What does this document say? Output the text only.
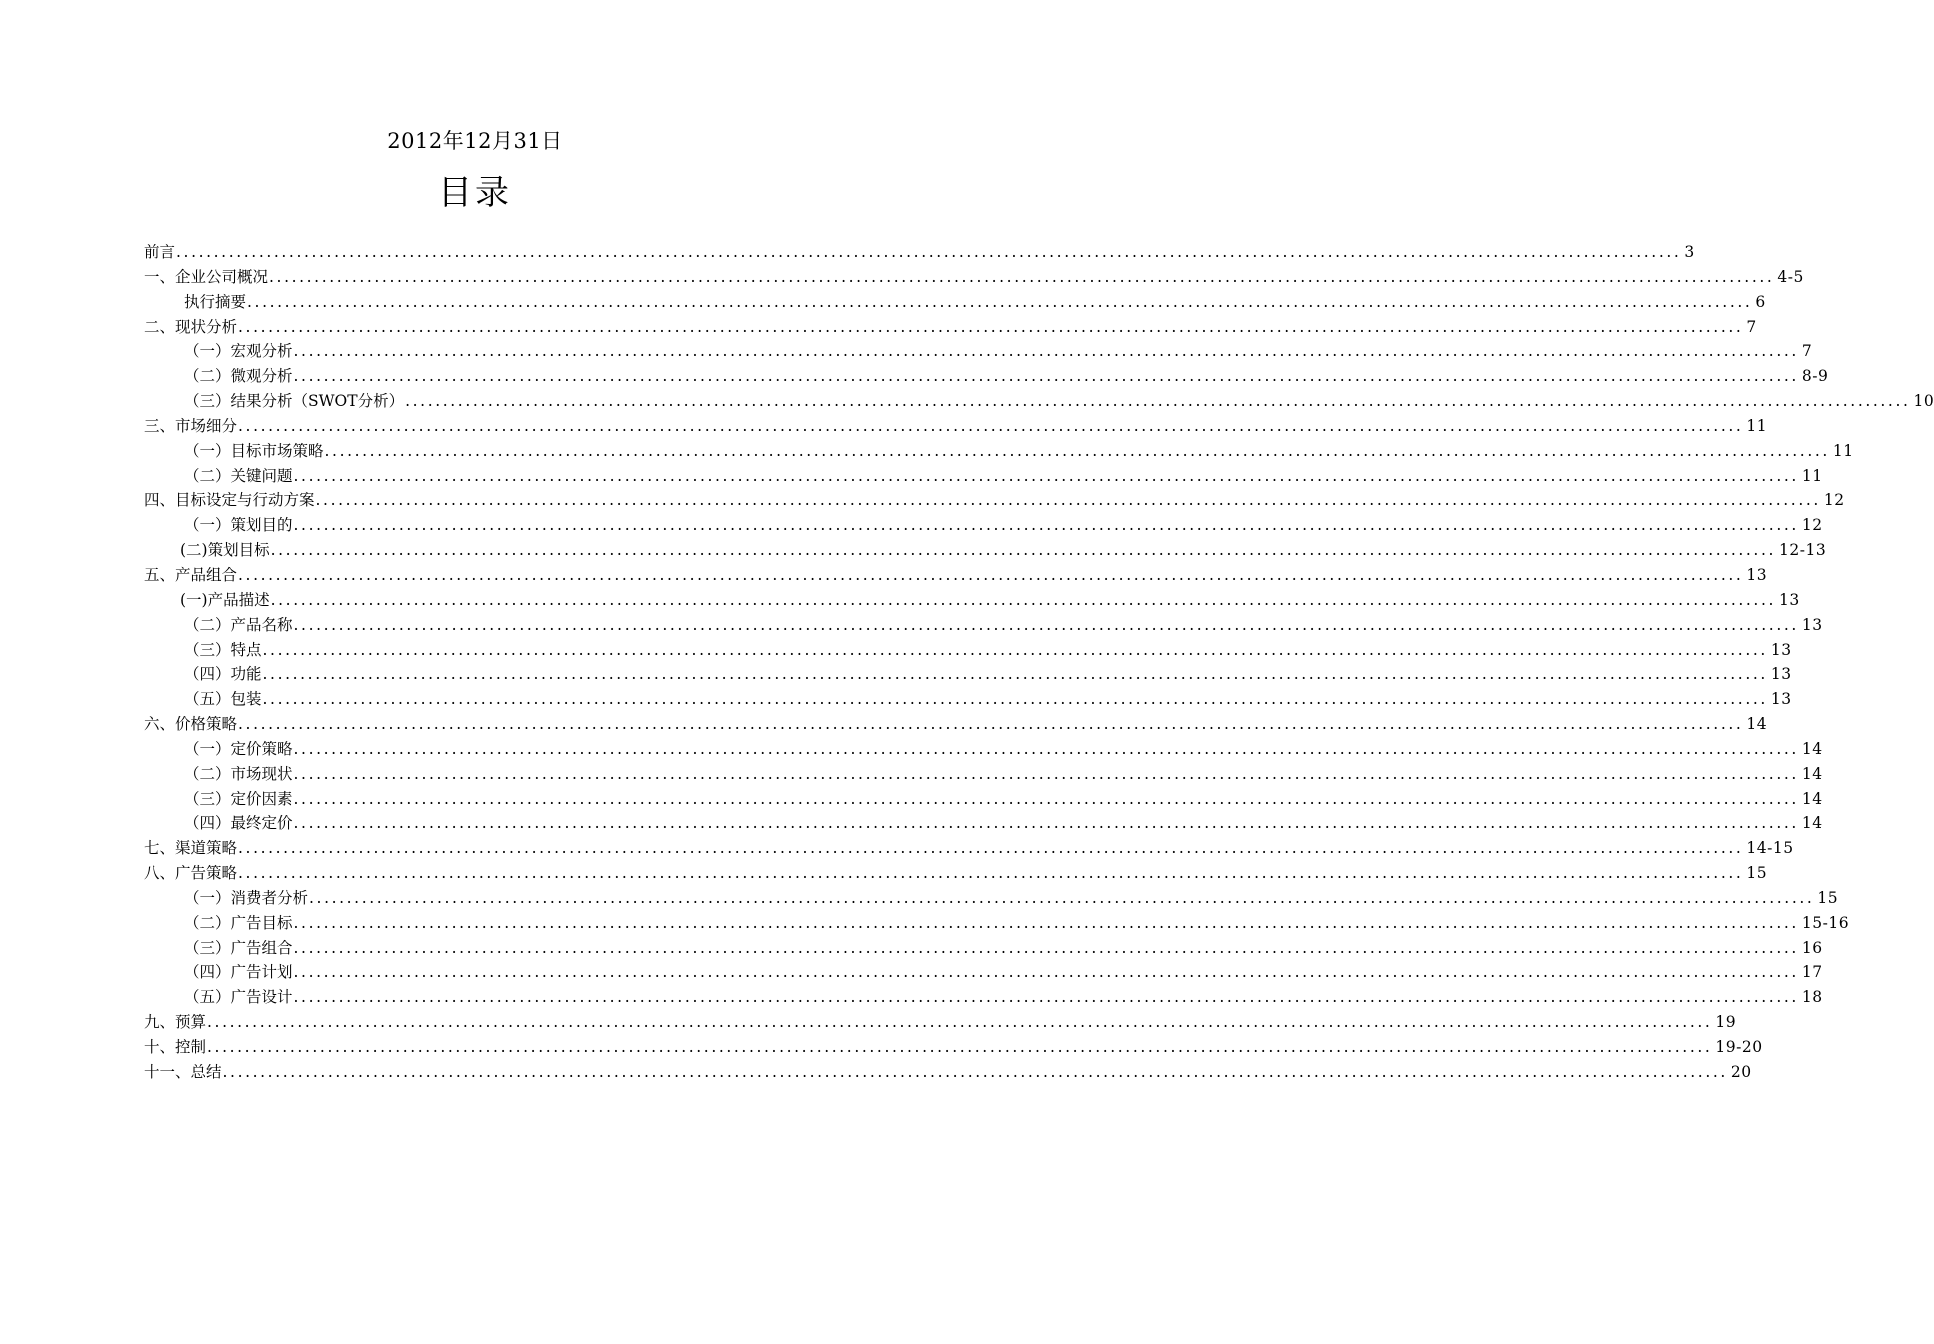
2012年12月31日
目录
前言 ........................................................................................................................................................................................................ 3
一、企业公司概况 ........................................................................................................................................................................................................ 4-5
执行摘要 ........................................................................................................................................................................................................ 6
二、现状分析 ........................................................................................................................................................................................................ 7
（一）宏观分析 ........................................................................................................................................................................................................ 7
（二）微观分析 ........................................................................................................................................................................................................ 8-9
（三）结果分析（SWOT分析） ........................................................................................................................................................................................................ 10
三、市场细分 ........................................................................................................................................................................................................ 11
（一）目标市场策略 ........................................................................................................................................................................................................ 11
（二）关键问题 ........................................................................................................................................................................................................ 11
四、目标设定与行动方案 ........................................................................................................................................................................................................ 12
（一）策划目的 ........................................................................................................................................................................................................ 12
(二)策划目标 ........................................................................................................................................................................................................ 12-13
五、产品组合 ........................................................................................................................................................................................................ 13
(一)产品描述 ........................................................................................................................................................................................................ 13
（二）产品名称 ........................................................................................................................................................................................................ 13
（三）特点 ........................................................................................................................................................................................................ 13
（四）功能 ........................................................................................................................................................................................................ 13
（五）包装 ........................................................................................................................................................................................................ 13
六、价格策略 ........................................................................................................................................................................................................ 14
（一）定价策略 ........................................................................................................................................................................................................ 14
（二）市场现状 ........................................................................................................................................................................................................ 14
（三）定价因素 ........................................................................................................................................................................................................ 14
（四）最终定价 ........................................................................................................................................................................................................ 14
七、渠道策略 ........................................................................................................................................................................................................ 14-15
八、广告策略 ........................................................................................................................................................................................................ 15
（一）消费者分析 ........................................................................................................................................................................................................ 15
（二）广告目标 ........................................................................................................................................................................................................ 15-16
（三）广告组合 ........................................................................................................................................................................................................ 16
（四）广告计划 ........................................................................................................................................................................................................ 17
（五）广告设计 ........................................................................................................................................................................................................ 18
九、预算 ........................................................................................................................................................................................................ 19
十、控制 ........................................................................................................................................................................................................ 19-20
十一、总结 ........................................................................................................................................................................................................ 20
